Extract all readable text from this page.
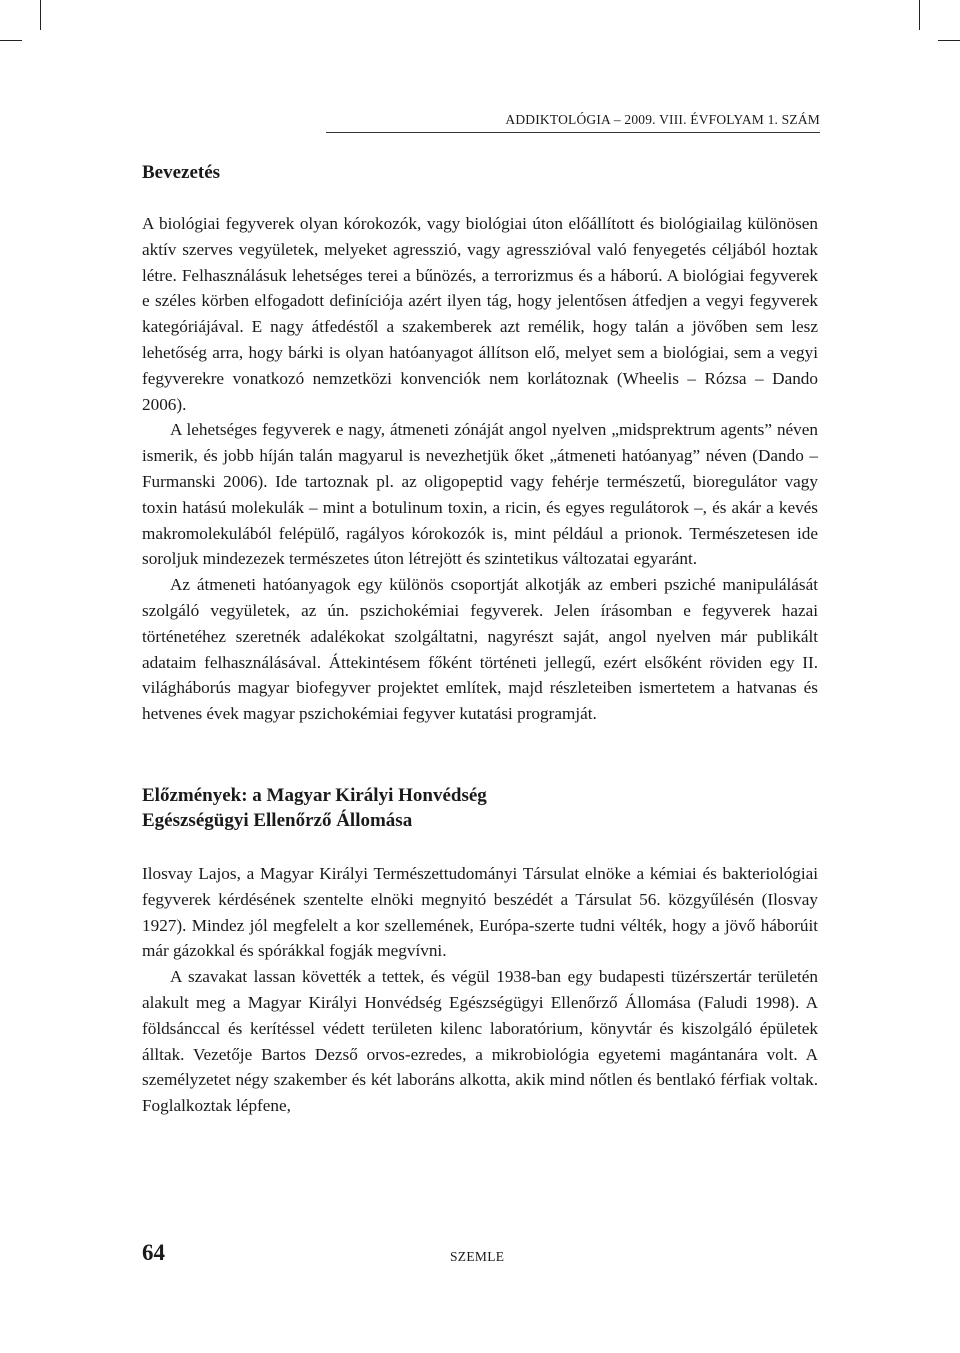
ADDIKTOLÓGIA – 2009. VIII. ÉVFOLYAM 1. SZÁM
Bevezetés

A biológiai fegyverek olyan kórokozók, vagy biológiai úton előállított és biológiailag különösen aktív szerves vegyületek, melyeket agresszió, vagy agresszióval való fenyegetés céljából hoztak létre. Felhasználásuk lehetséges terei a bűnözés, a terrorizmus és a háború. A biológiai fegyverek e széles körben elfogadott definíciója azért ilyen tág, hogy jelentősen átfedjen a vegyi fegyverek kategóriájával. E nagy átfedéstől a szakemberek azt remélik, hogy talán a jövőben sem lesz lehetőség arra, hogy bárki is olyan hatóanyagot állítson elő, melyet sem a biológiai, sem a vegyi fegyverekre vonatkozó nemzetközi konvenciók nem korlátoznak (Wheelis – Rózsa – Dando 2006).

A lehetséges fegyverek e nagy, átmeneti zónáját angol nyelven „midsprektrum agents” néven ismerik, és jobb híján talán magyarul is nevezhetjük őket „átmeneti hatóanyag” néven (Dando – Furmanski 2006). Ide tartoznak pl. az oligopeptid vagy fehérje természetű, bioregulátor vagy toxin hatású molekulák – mint a botulinum toxin, a ricin, és egyes regulátorok –, és akár a kevés makromolekulából felépülő, ragályos kórokozók is, mint például a prionok. Természetesen ide soroljuk mindezezek természetes úton létrejött és szintetikus változatai egyaránt.

Az átmeneti hatóanyagok egy különös csoportját alkotják az emberi psziché manipulálását szolgáló vegyületek, az ún. pszichokémiai fegyverek. Jelen írásomban e fegyverek hazai történetéhez szeretnék adalékokat szolgáltatni, nagyrészt saját, angol nyelven már publikált adataim felhasználásával. Áttekintésem főként történeti jellegű, ezért elsőként röviden egy II. világháborús magyar biofegyver projektet említek, majd részleteiben ismertetem a hatvanas és hetvenes évek magyar pszichokémiai fegyver kutatási programját.

Előzmények: a Magyar Királyi Honvédség
Egészségügyi Ellenőrző Állomása

Ilosvay Lajos, a Magyar Királyi Természettudományi Társulat elnöke a kémiai és bakteriológiai fegyverek kérdésének szentelte elnöki megnyitó beszédét a Társulat 56. közgyűlésén (Ilosvay 1927). Mindez jól megfelelt a kor szellemének, Európa-szerte tudni vélték, hogy a jövő háborúit már gázokkal és spórákkal fogják megvívni.

A szavakat lassan követték a tettek, és végül 1938-ban egy budapesti tüzérszertár területén alakult meg a Magyar Királyi Honvédség Egészségügyi Ellenőrző Állomása (Faludi 1998). A földsánccal és kerítéssel védett területen kilenc laboratórium, könyvtár és kiszolgáló épületek álltak. Vezetője Bartos Dezső orvos-ezredes, a mikrobiológia egyetemi magántanára volt. A személyzetet négy szakember és két laboráns alkotta, akik mind nőtlen és bentlakó férfiak voltak. Foglalkoztak lépfene,

64	SZEMLE
